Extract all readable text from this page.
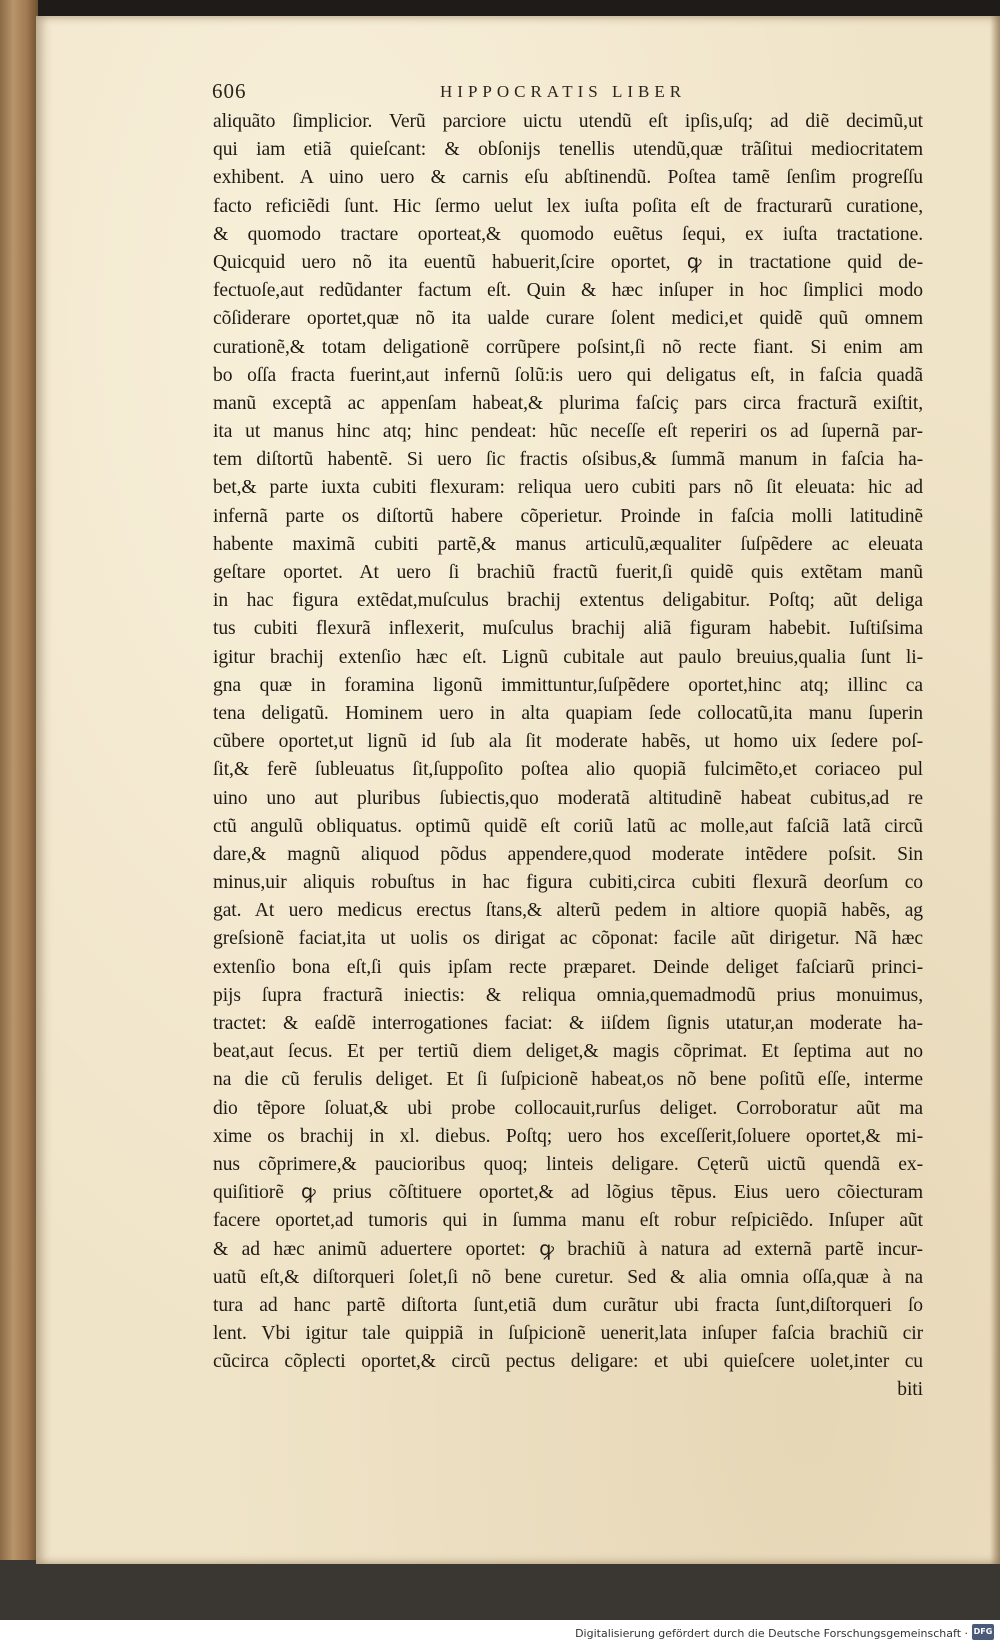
606	HIPPOCRATIS LIBER
aliquãto ſimplicior. Verũ parciore uictu utendũ eſt ipſis,uſq; ad diẽ decimũ,ut
qui iam etiã quieſcant: & obſonijs tenellis utendũ,quæ trãſitui mediocritatem
exhibent. A uino uero & carnis eſu abſtinendũ. Poſtea tamẽ ſenſim progreſſu
facto reficiẽdi ſunt. Hic ſermo uelut lex iuſta poſita eſt de fracturarũ curatione,
& quomodo tractare oporteat,& quomodo euẽtus ſequi, ex iuſta tractatione.
Quicquid uero nõ ita euentũ habuerit,ſcire oportet, ꝙ in tractatione quid de-
fectuoſe,aut redũdanter factum eſt. Quin & hæc inſuper in hoc ſimplici modo
cõſiderare oportet,quæ nõ ita ualde curare ſolent medici,et quidẽ quũ omnem
curationẽ,& totam deligationẽ corrũpere poſsint,ſi nõ recte fiant. Si enim am
bo oſſa fracta fuerint,aut infernũ ſolũ:is uero qui deligatus eſt, in faſcia quadã
manũ exceptã ac appenſam habeat,& plurima faſciç pars circa fracturã exiſtit,
ita ut manus hinc atq; hinc pendeat: hũc neceſſe eſt reperiri os ad ſupernã par-
tem diſtortũ habentẽ. Si uero ſic fractis oſsibus,& ſummã manum in faſcia ha-
bet,& parte iuxta cubiti flexuram: reliqua uero cubiti pars nõ ſit eleuata: hic ad
infernã parte os diſtortũ habere cõperietur. Proinde in faſcia molli latitudinẽ
habente maximã cubiti partẽ,& manus articulũ,æqualiter ſuſpẽdere ac eleuata
geſtare oportet. At uero ſi brachiũ fractũ fuerit,ſi quidẽ quis extẽtam manũ
in hac figura extẽdat,muſculus brachij extentus deligabitur. Poſtq; aũt deliga
tus cubiti flexurã inflexerit, muſculus brachij aliã figuram habebit. Iuſtiſsima
igitur brachij extenſio hæc eſt. Lignũ cubitale aut paulo breuius,qualia ſunt li-
gna quæ in foramina ligonũ immittuntur,ſuſpẽdere oportet,hinc atq; illinc ca
tena deligatũ. Hominem uero in alta quapiam ſede collocatũ,ita manu ſuperin
cũbere oportet,ut lignũ id ſub ala ſit moderate habẽs, ut homo uix ſedere poſ-
ſit,& ferẽ ſubleuatus ſit,ſuppoſito poſtea alio quopiã fulcimẽto,et coriaceo pul
uino uno aut pluribus ſubiectis,quo moderatã altitudinẽ habeat cubitus,ad re
ctũ angulũ obliquatus. optimũ quidẽ eſt coriũ latũ ac molle,aut faſciã latã circũ
dare,& magnũ aliquod põdus appendere,quod moderate intẽdere poſsit. Sin
minus,uir aliquis robuſtus in hac figura cubiti,circa cubiti flexurã deorſum co
gat. At uero medicus erectus ſtans,& alterũ pedem in altiore quopiã habẽs, ag
greſsionẽ faciat,ita ut uolis os dirigat ac cõponat: facile aũt dirigetur. Nã hæc
extenſio bona eſt,ſi quis ipſam recte præparet. Deinde deliget faſciarũ princi-
pijs ſupra fracturã iniectis: & reliqua omnia,quemadmodũ prius monuimus,
tractet: & eaſdẽ interrogationes faciat: & iiſdem ſignis utatur,an moderate ha-
beat,aut ſecus. Et per tertiũ diem deliget,& magis cõprimat. Et ſeptima aut no
na die cũ ferulis deliget. Et ſi ſuſpicionẽ habeat,os nõ bene poſitũ eſſe, interme
dio tẽpore ſoluat,& ubi probe collocauit,rurſus deliget. Corroboratur aũt ma
xime os brachij in xl. diebus. Poſtq; uero hos exceſſerit,ſoluere oportet,& mi-
nus cõprimere,& paucioribus quoq; linteis deligare. Cęterũ uictũ quendã ex-
quiſitiorẽ ꝙ prius cõſtituere oportet,& ad lõgius tẽpus. Eius uero cõiecturam
facere oportet,ad tumoris qui in ſumma manu eſt robur reſpiciẽdo. Inſuper aũt
& ad hæc animũ aduertere oportet: ꝙ brachiũ à natura ad externã partẽ incur-
uatũ eſt,& diſtorqueri ſolet,ſi nõ bene curetur. Sed & alia omnia oſſa,quæ à na
tura ad hanc partẽ diſtorta ſunt,etiã dum curãtur ubi fracta ſunt,diſtorqueri ſo
lent. Vbi igitur tale quippiã in ſuſpicionẽ uenerit,lata inſuper faſcia brachiũ cir
cũcirca cõplecti oportet,& circũ pectus deligare: et ubi quieſcere uolet,inter cu
biti
Digitalisierung gefördert durch die Deutsche Forschungsgemeinschaft · DFG
